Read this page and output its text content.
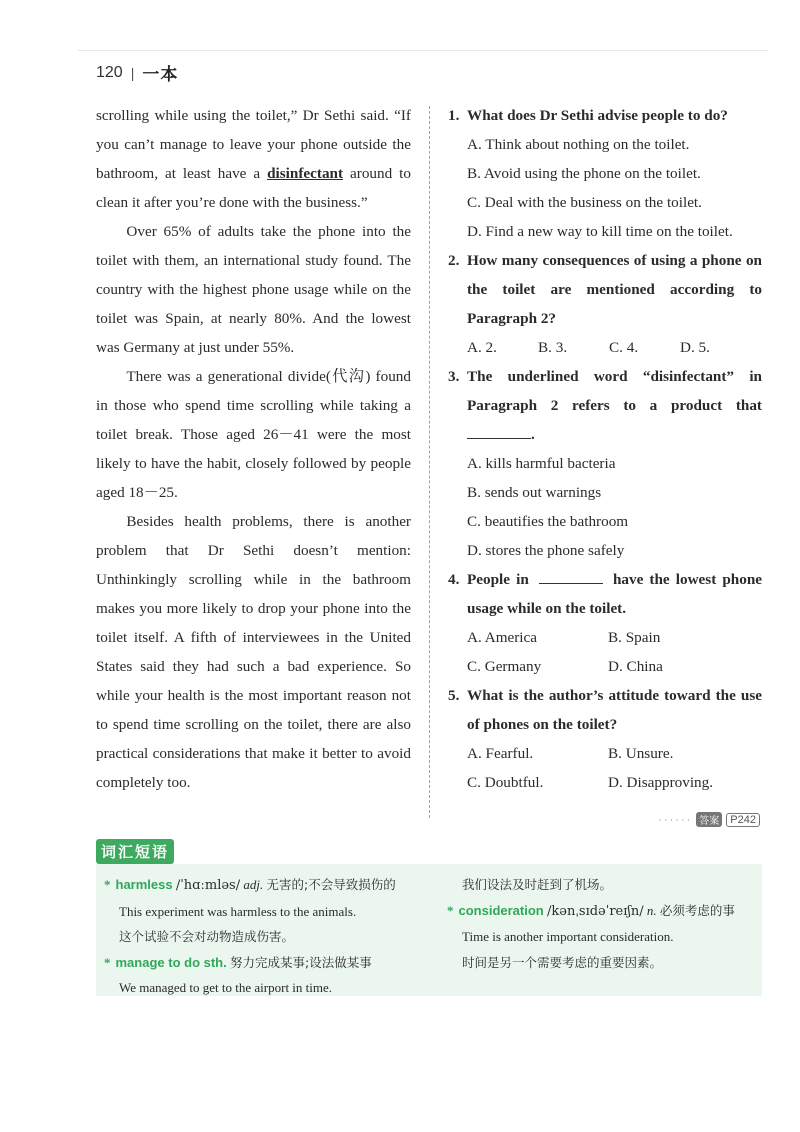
120 | 一本

scrolling while using the toilet,” Dr Sethi said. “If you can’t manage to leave your phone outside the bathroom, at least have a disinfectant around to clean it after you’re done with the business.”

Over 65% of adults take the phone into the toilet with them, an international study found. The country with the highest phone usage while on the toilet was Spain, at nearly 80%. And the lowest was Germany at just under 55%.

There was a generational divide(代沟) found in those who spend time scrolling while taking a toilet break. Those aged 26－41 were the most likely to have the habit, closely followed by people aged 18－25.

Besides health problems, there is another problem that Dr Sethi doesn’t mention: Unthinkingly scrolling while in the bathroom makes you more likely to drop your phone into the toilet itself. A fifth of interviewees in the United States said they had such a bad experience. So while your health is the most important reason not to spend time scrolling on the toilet, there are also practical considerations that make it better to avoid completely too.

1. What does Dr Sethi advise people to do?
A. Think about nothing on the toilet.
B. Avoid using the phone on the toilet.
C. Deal with the business on the toilet.
D. Find a new way to kill time on the toilet.
2. How many consequences of using a phone on the toilet are mentioned according to Paragraph 2?
A. 2.	B. 3.	C. 4.	D. 5.
3. The underlined word “disinfectant” in Paragraph 2 refers to a product that .
A. kills harmful bacteria
B. sends out warnings
C. beautifies the bathroom
D. stores the phone safely
4. People in	have the lowest phone usage while on the toilet.
A. America	B. Spain
C. Germany	D. China
5. What is the author’s attitude toward the use of phones on the toilet?
A. Fearful.	B. Unsure.
C. Doubtful.	D. Disapproving.
······ 答案	P242
词汇短语
* harmless /ˈhɑːmləs/ adj. 无害的;不会导致损伤的
This experiment was harmless to the animals.
这个试验不会对动物造成伤害。
* manage to do sth. 努力完成某事;设法做某事
We managed to get to the airport in time.
我们设法及时赶到了机场。
* consideration /kənˌsɪdəˈreɪʃn/ n. 必须考虑的事
Time is another important consideration.
时间是另一个需要考虑的重要因素。
